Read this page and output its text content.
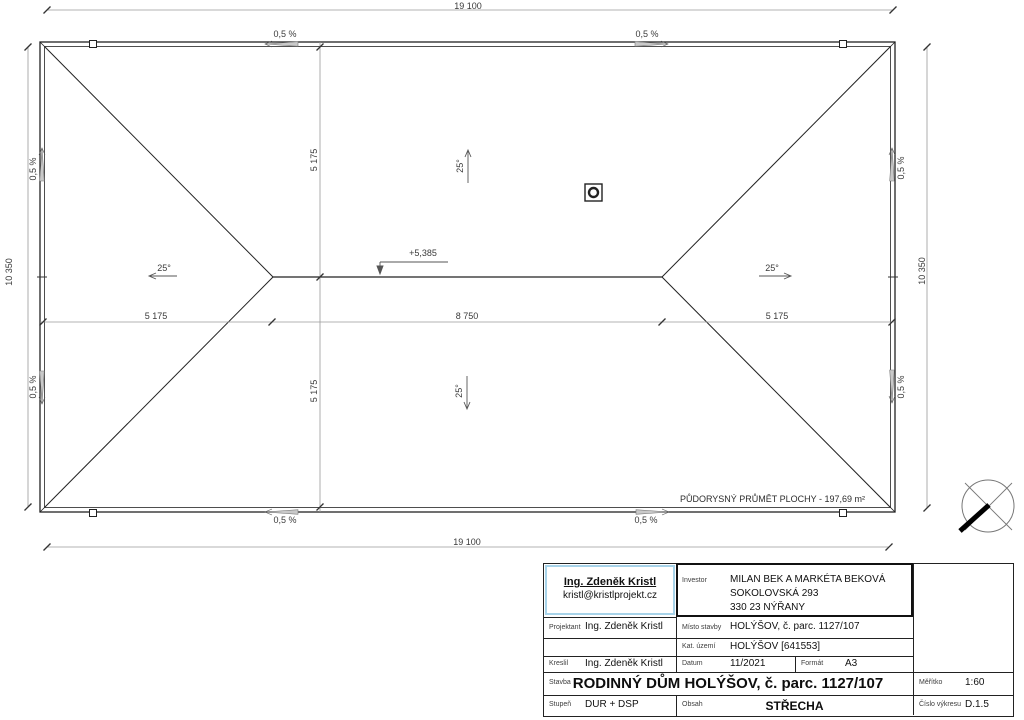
19 100
19 100
10 350	10 350
5 175	8 750	5 175
5 175
5 175
0,5 %	0,5 %
0,5 %	0,5 %
0,5 %
0,5 %
0,5 %
0,5 %
25°
25°
25°	25°
+5,385
PŮDORYSNÝ PRŮMĚT PLOCHY - 197,69 m²
Ing. Zdeněk Kristl
kristl@kristlprojekt.cz
Investor MILAN BEK A MARKÉTA BEKOVÁ
SOKOLOVSKÁ 293
330 23 NÝŘANY
Projektant Ing. Zdeněk Kristl	Místo stavby HOLÝŠOV, č. parc. 1127/107
Kat. území HOLÝŠOV [641553]
Kreslil Ing. Zdeněk Kristl	Datum	11/2021	Formát A3
Stavba RODINNÝ DŮM HOLÝŠOV, č. parc. 1127/107	Měřítko 1:60
Stupeň DUR + DSP	Obsah	STŘECHA	Číslo výkresu D.1.5
